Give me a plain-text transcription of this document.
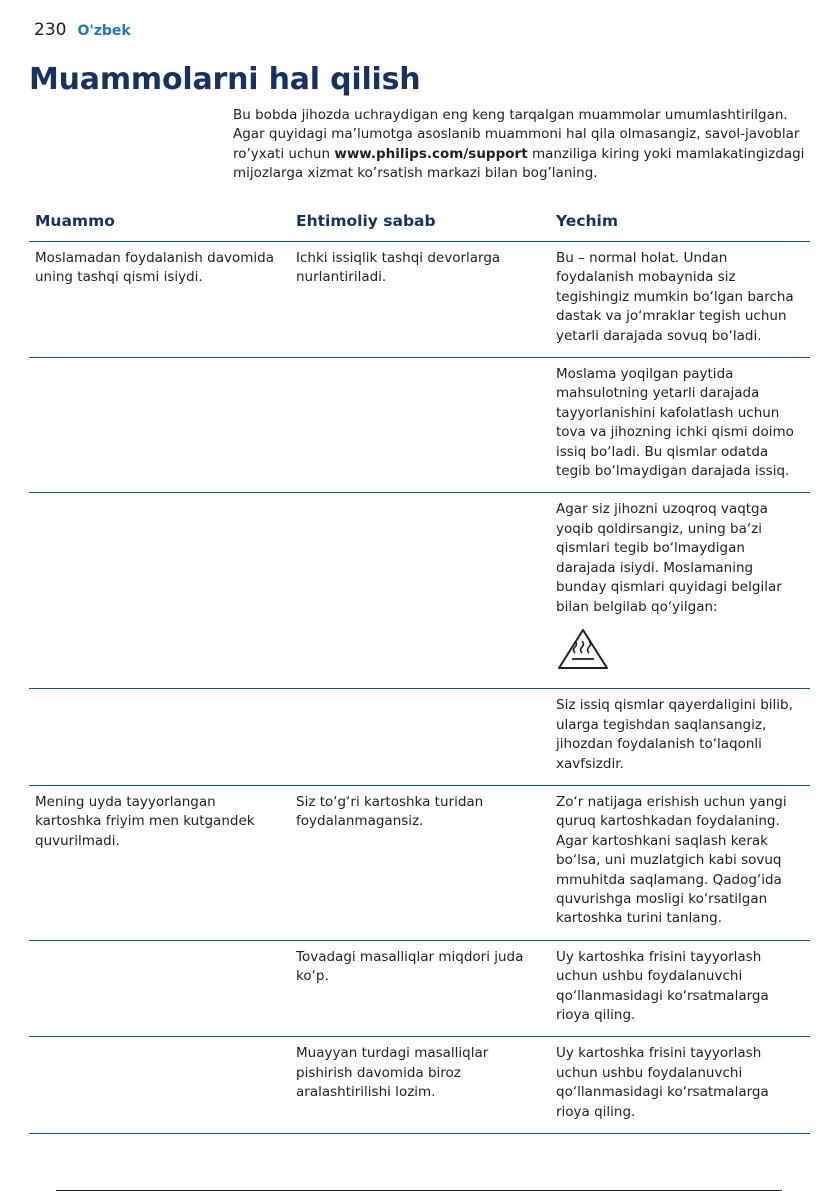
230 O'zbek
Muammolarni hal qilish
Bu bobda jihozda uchraydigan eng keng tarqalgan muammolar umumlashtirilgan. Agar quyidagi ma’lumotga asoslanib muammoni hal qila olmasangiz, savol-javoblar ro’yxati uchun www.philips.com/support manziliga kiring yoki mamlakatingizdagi mijozlarga xizmat ko’rsatish markazi bilan bog’laning.
Muammo	Ehtimoliy sabab	Yechim
Moslamadan foydalanish davomida uning tashqi qismi isiydi.	Ichki issiqlik tashqi devorlarga nurlantiriladi.	Bu – normal holat. Undan foydalanish mobaynida siz tegishingiz mumkin bo‘lgan barcha dastak va jo‘mraklar tegish uchun yetarli darajada sovuq bo‘ladi.
		Moslama yoqilgan paytida mahsulotning yetarli darajada tayyorlanishini kafolatlash uchun tova va jihozning ichki qismi doimo issiq bo‘ladi. Bu qismlar odatda tegib bo‘lmaydigan darajada issiq.
		Agar siz jihozni uzoqroq vaqtga yoqib qoldirsangiz, uning ba‘zi qismlari tegib bo‘lmaydigan darajada isiydi. Moslamaning bunday qismlari quyidagi belgilar bilan belgilab qo‘yilgan:

		Siz issiq qismlar qayerdaligini bilib, ularga tegishdan saqlansangiz, jihozdan foydalanish to‘laqonli xavfsizdir.
Mening uyda tayyorlangan kartoshka friyim men kutgandek quvurilmadi.	Siz to‘g‘ri kartoshka turidan foydalanmagansiz.	Zo‘r natijaga erishish uchun yangi quruq kartoshkadan foydalaning. Agar kartoshkani saqlash kerak bo‘lsa, uni muzlatgich kabi sovuq mmuhitda saqlamang. Qadog‘ida quvurishga mosligi ko‘rsatilgan kartoshka turini tanlang.
	Tovadagi masalliqlar miqdori juda ko‘p.	Uy kartoshka frisini tayyorlash uchun ushbu foydalanuvchi qo‘llanmasidagi ko‘rsatmalarga rioya qiling.
	Muayyan turdagi masalliqlar pishirish davomida biroz aralashtirilishi lozim.	Uy kartoshka frisini tayyorlash uchun ushbu foydalanuvchi qo‘llanmasidagi ko‘rsatmalarga rioya qiling.
